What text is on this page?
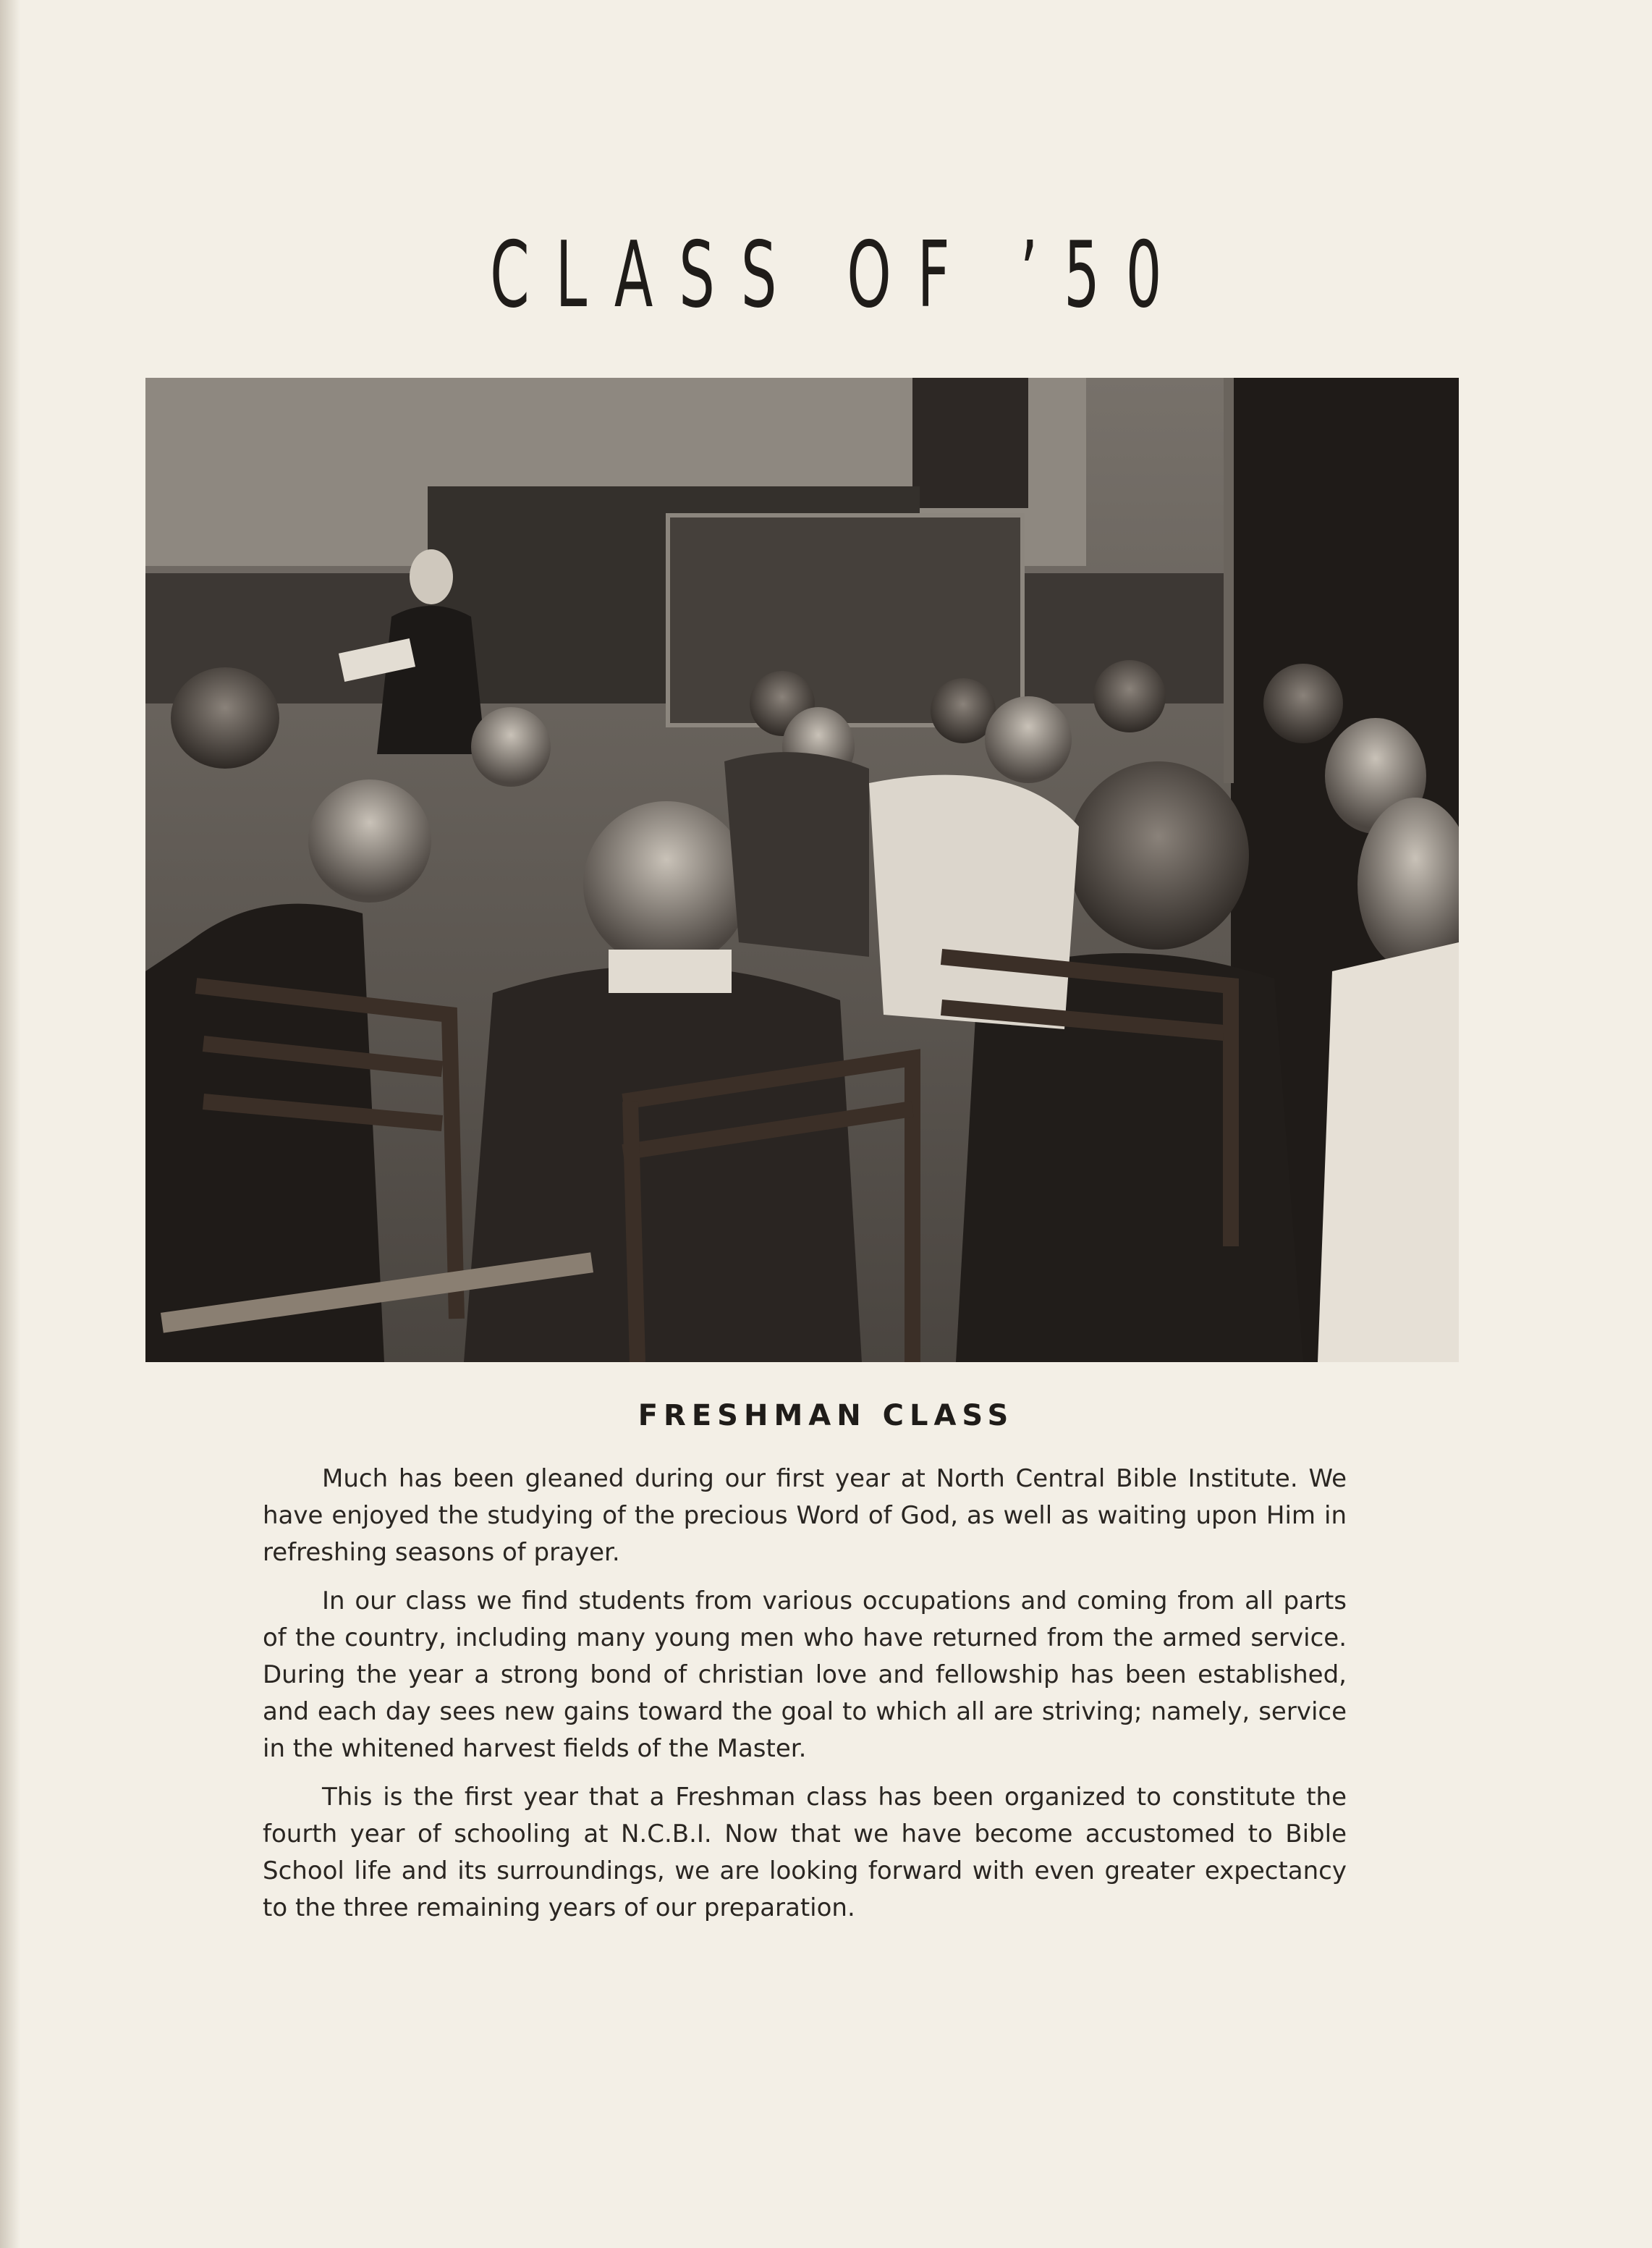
CLASS OF ’50
FRESHMAN CLASS

Much has been gleaned during our first year at North Central Bible Institute. We have enjoyed the studying of the precious Word of God, as well as waiting upon Him in refreshing seasons of prayer.

In our class we find students from various occupations and coming from all parts of the country, including many young men who have returned from the armed service. During the year a strong bond of christian love and fellowship has been established, and each day sees new gains toward the goal to which all are striving; namely, service in the whitened harvest fields of the Master.

This is the first year that a Freshman class has been organized to constitute the fourth year of schooling at N.C.B.I. Now that we have become accustomed to Bible School life and its surroundings, we are looking forward with even greater expectancy to the three remaining years of our preparation.
